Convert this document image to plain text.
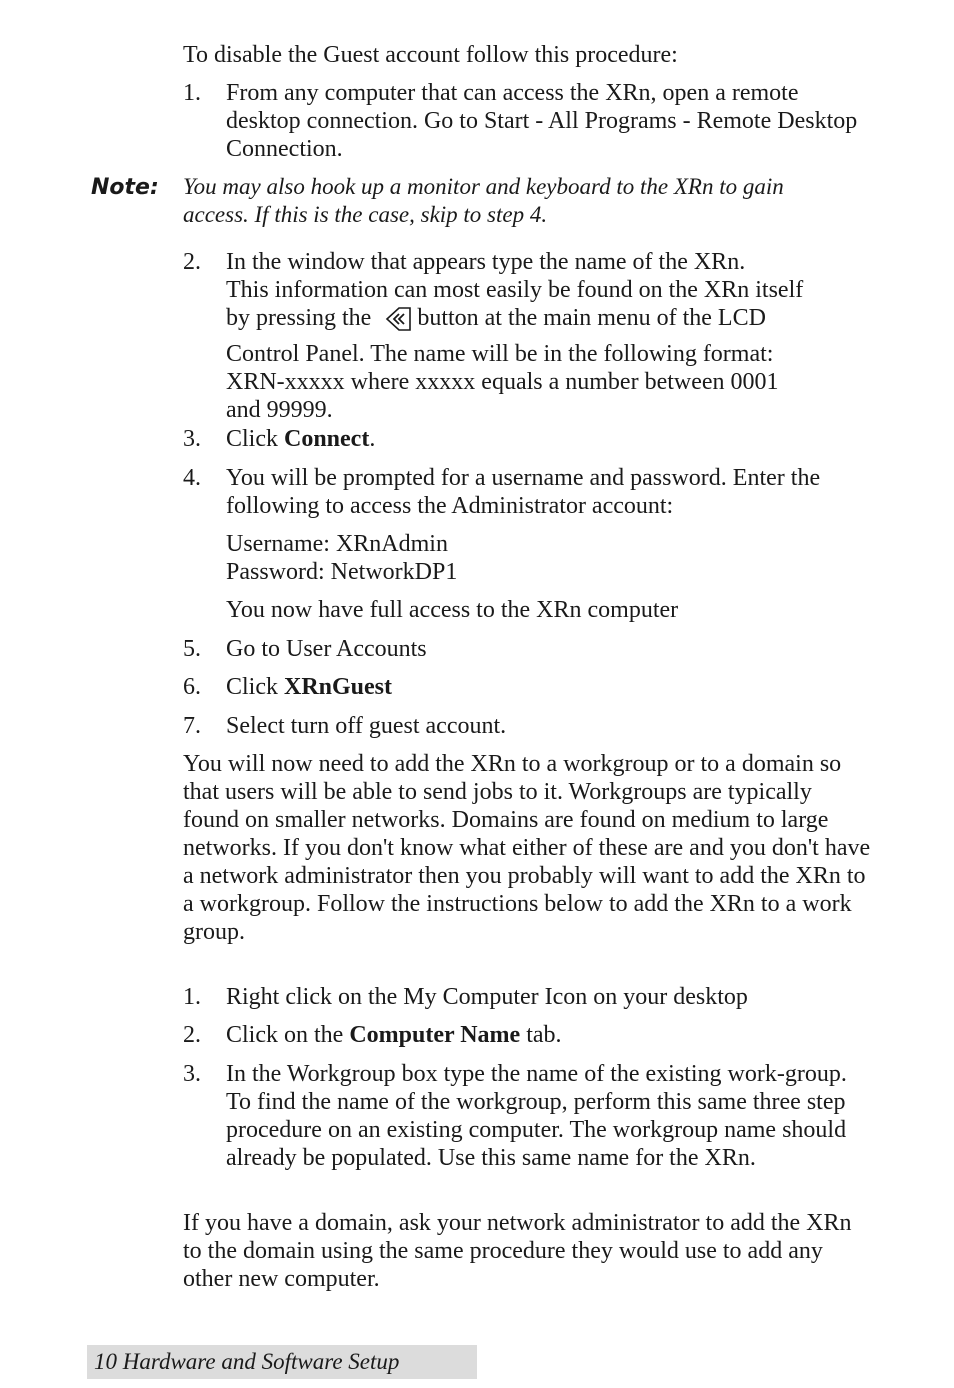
To disable the Guest account follow this procedure:

1.	From any computer that can access the XRn, open a remote desktop connection. Go to Start - All Programs - Remote Desktop Connection.
Note: You may also hook up a monitor and keyboard to the XRn to gain access. If this is the case, skip to step 4.
2.	In the window that appears type the name of the XRn.
This information can most easily be found on the XRn itself
by pressing the button at the main menu of the LCD
Control Panel. The name will be in the following format:
XRN-xxxxx where xxxxx equals a number between 0001
and 99999.
3.	Click Connect.
4.	You will be prompted for a username and password. Enter the following to access the Administrator account:
Username: XRnAdmin
Password: NetworkDP1
You now have full access to the XRn computer
5.	Go to User Accounts
6.	Click XRnGuest
7.	Select turn off guest account.

You will now need to add the XRn to a workgroup or to a domain so that users will be able to send jobs to it. Workgroups are typically found on smaller networks. Domains are found on medium to large networks. If you don't know what either of these are and you don't have a network administrator then you probably will want to add the XRn to a workgroup. Follow the instructions below to add the XRn to a work group.

1.	Right click on the My Computer Icon on your desktop
2.	Click on the Computer Name tab.
3.	In the Workgroup box type the name of the existing work-group. To find the name of the workgroup, perform this same three step procedure on an existing computer. The workgroup name should already be populated. Use this same name for the XRn.

If you have a domain, ask your network administrator to add the XRn to the domain using the same procedure they would use to add any other new computer.

10 Hardware and Software Setup
